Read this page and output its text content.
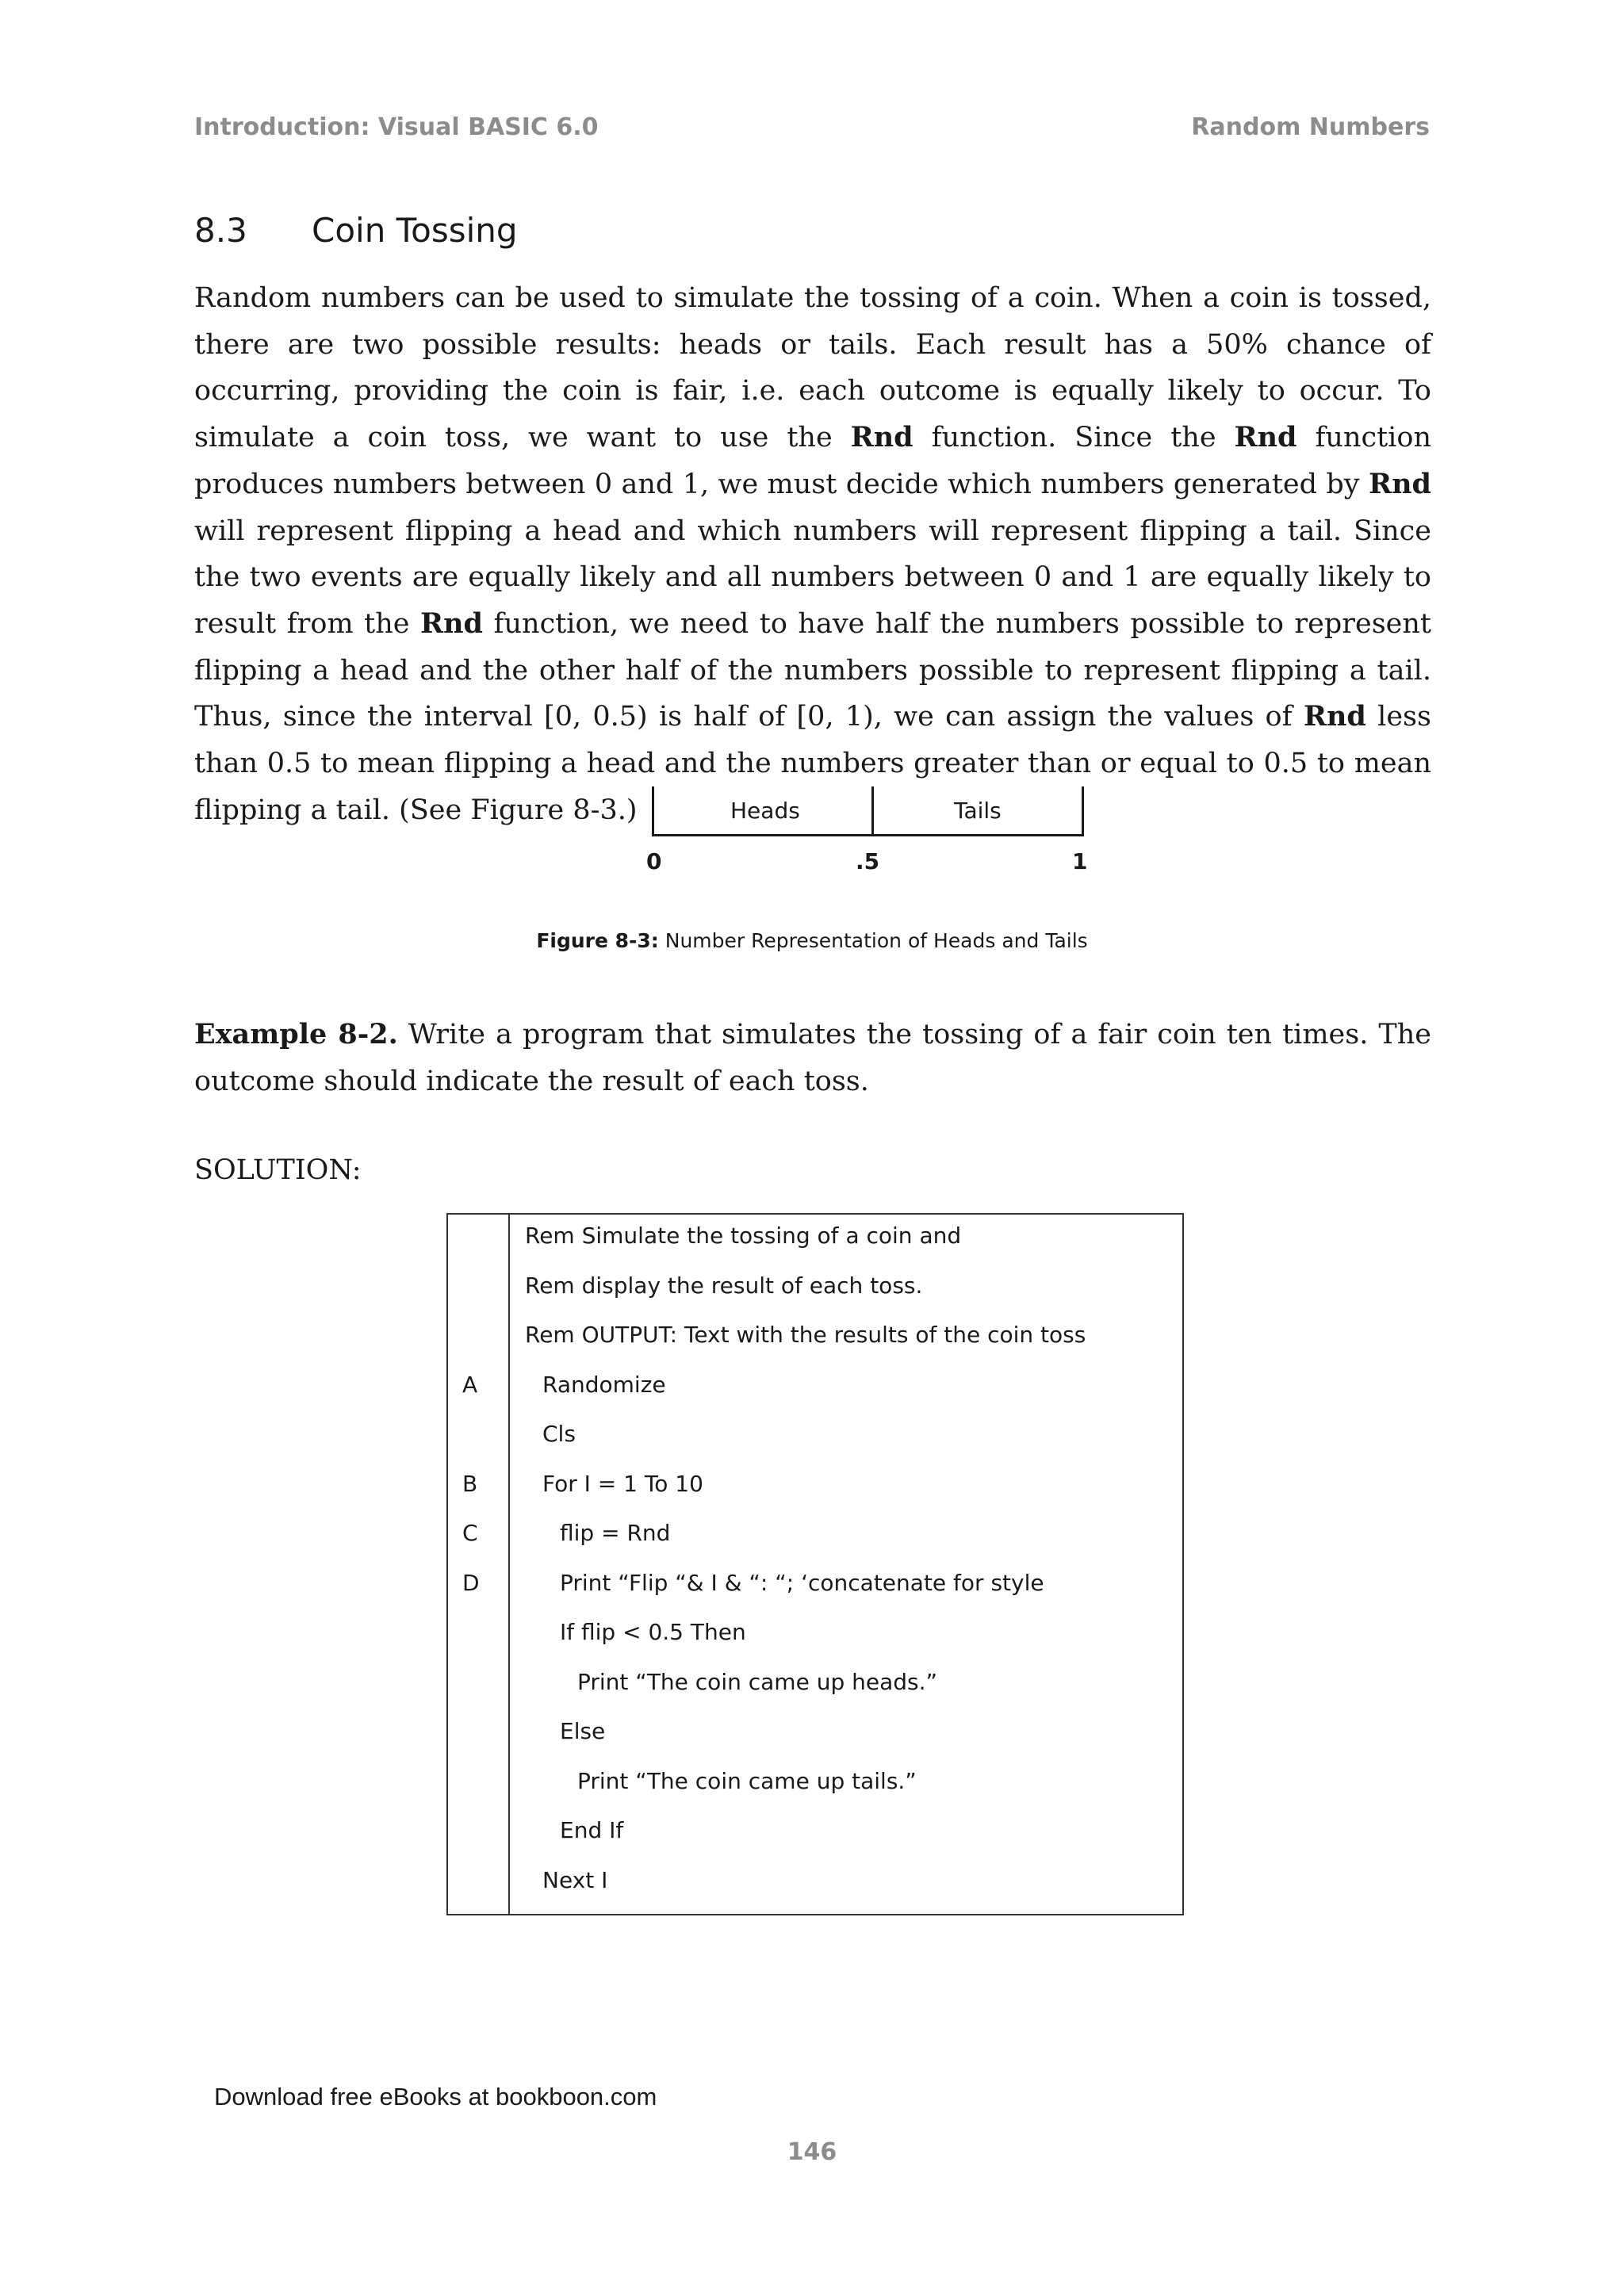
Introduction: Visual BASIC 6.0	Random Numbers
8.3 Coin Tossing
Random numbers can be used to simulate the tossing of a coin. When a coin is tossed, there are two possible results: heads or tails. Each result has a 50% chance of occurring, providing the coin is fair, i.e. each outcome is equally likely to occur. To simulate a coin toss, we want to use the Rnd function. Since the Rnd function produces numbers between 0 and 1, we must decide which numbers generated by Rnd will represent flipping a head and which numbers will represent flipping a tail. Since the two events are equally likely and all numbers between 0 and 1 are equally likely to result from the Rnd function, we need to have half the numbers possible to represent flipping a head and the other half of the numbers possible to represent flipping a tail. Thus, since the interval [0, 0.5) is half of [0, 1), we can assign the values of Rnd less than 0.5 to mean flipping a head and the numbers greater than or equal to 0.5 to mean flipping a tail. (See Figure 8-3.)	Heads	Tails
0	.5	1
Figure 8-3: Number Representation of Heads and Tails
Example 8-2. Write a program that simulates the tossing of a fair coin ten times. The outcome should indicate the result of each toss.
SOLUTION:
Rem Simulate the tossing of a coin and
Rem display the result of each toss.
Rem OUTPUT: Text with the results of the coin toss
A	Randomize
Cls
B	For I = 1 To 10
C	flip = Rnd
D	Print “Flip “& I & “: “; ‘concatenate for style
If flip < 0.5 Then
Print “The coin came up heads.”
Else
Print “The coin came up tails.”
End If
Next I
Download free eBooks at bookboon.com
146
